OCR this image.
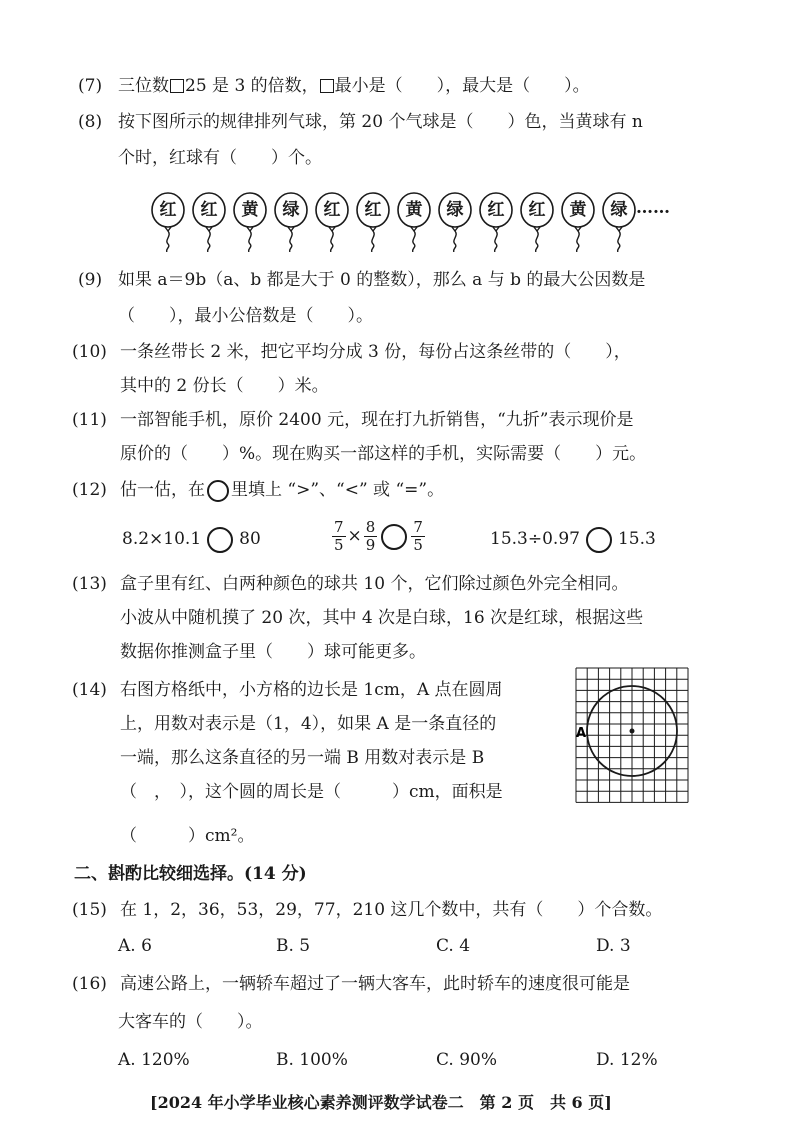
(7) 三位数 25 是 3 的倍数， 最小是（　　），最大是（　　）。
(8) 按下图所示的规律排列气球，第 20 个气球是（　　）色，当黄球有 n
个时，红球有（　　）个。
红	红	黄	绿	红	红	黄	绿	红	红	黄	绿 ……
(9) 如果 a＝9b（a、b 都是大于 0 的整数），那么 a 与 b 的最大公因数是
（　　），最小公倍数是（　　）。
(10) 一条丝带长 2 米，把它平均分成 3 份，每份占这条丝带的（　　），
其中的 2 份长（　　）米。
(11) 一部智能手机，原价 2400 元，现在打九折销售，“九折”表示现价是
原价的（　　）%。现在购买一部这样的手机，实际需要（　　）元。
(12) 估一估，在 里填上 “>”、“<” 或 “=”。
8.2×10.1 80	$\frac{7}{5} \times \frac{8}{9} \frac{7}{5}$	15.3÷0.97 15.3
(13) 盒子里有红、白两种颜色的球共 10 个，它们除过颜色外完全相同。
小波从中随机摸了 20 次，其中 4 次是白球，16 次是红球，根据这些
数据你推测盒子里（　　）球可能更多。
(14) 右图方格纸中，小方格的边长是 1cm，A 点在圆周
上，用数对表示是（1，4），如果 A 是一条直径的
一端，那么这条直径的另一端 B 用数对表示是 B
（　，　），这个圆的周长是（　　　）cm，面积是
（　　　）cm²。
A
二、斟酌比较细选择。(14 分)
(15) 在 1，2，36，53，29，77，210 这几个数中，共有（　　）个合数。
A. 6	B. 5	C. 4	D. 3
(16) 高速公路上，一辆轿车超过了一辆大客车，此时轿车的速度很可能是
大客车的（　　）。
A. 120%	B. 100%	C. 90%	D. 12%
[2024 年小学毕业核心素养测评数学试卷二　第 2 页　共 6 页]
